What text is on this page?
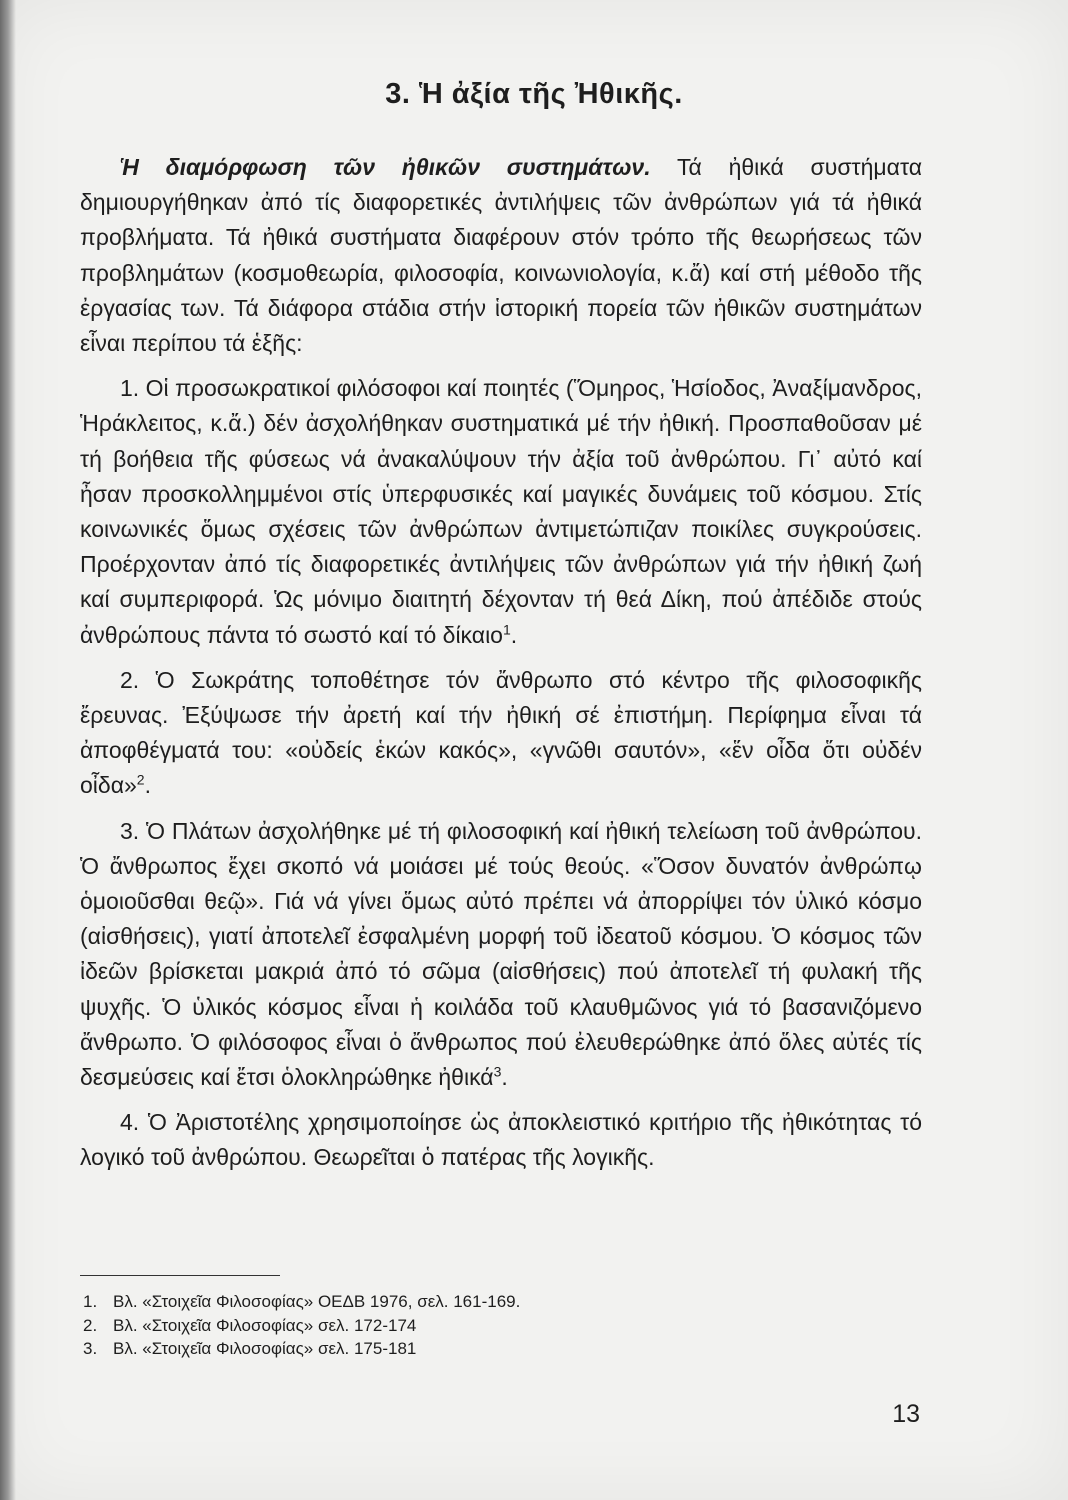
3. Ἡ ἀξία τῆς Ἠθικῆς.

Ἡ διαμόρφωση τῶν ἠθικῶν συστημάτων. Τά ἠθικά συστήματα δημιουργήθηκαν ἀπό τίς διαφορετικές ἀντιλήψεις τῶν ἀνθρώπων γιά τά ἠθικά προβλήματα. Τά ἠθικά συστήματα διαφέρουν στόν τρόπο τῆς θεωρήσεως τῶν προβλημάτων (κοσμοθεωρία, φιλοσοφία, κοινωνιολογία, κ.ἄ) καί στή μέθοδο τῆς ἐργασίας των. Τά διάφορα στάδια στήν ἱστορική πορεία τῶν ἠθικῶν συστημάτων εἶναι περίπου τά ἑξῆς:

1. Οἱ προσωκρατικοί φιλόσοφοι καί ποιητές (Ὅμηρος, Ἡσίοδος, Ἀναξίμανδρος, Ἡράκλειτος, κ.ἄ.) δέν ἀσχολήθηκαν συστηματικά μέ τήν ἠθική. Προσπαθοῦσαν μέ τή βοήθεια τῆς φύσεως νά ἀνακαλύψουν τήν ἀξία τοῦ ἀνθρώπου. Γι᾽ αὐτό καί ἦσαν προσκολλημμένοι στίς ὑπερφυσικές καί μαγικές δυνάμεις τοῦ κόσμου. Στίς κοινωνικές ὅμως σχέσεις τῶν ἀνθρώπων ἀντιμετώπιζαν ποικίλες συγκρούσεις. Προέρχονταν ἀπό τίς διαφορετικές ἀντιλήψεις τῶν ἀνθρώπων γιά τήν ἠθική ζωή καί συμπεριφορά. Ὡς μόνιμο διαιτητή δέχονταν τή θεά Δίκη, πού ἀπέδιδε στούς ἀνθρώπους πάντα τό σωστό καί τό δίκαιο$^1$.

2. Ὁ Σωκράτης τοποθέτησε τόν ἄνθρωπο στό κέντρο τῆς φιλοσοφικῆς ἔρευνας. Ἐξύψωσε τήν ἀρετή καί τήν ἠθική σέ ἐπιστήμη. Περίφημα εἶναι τά ἀποφθέγματά του: «οὐδείς ἑκών κακός», «γνῶθι σαυτόν», «ἕν οἶδα ὅτι οὐδέν οἶδα»$^2$.

3. Ὁ Πλάτων ἀσχολήθηκε μέ τή φιλοσοφική καί ἠθική τελείωση τοῦ ἀνθρώπου. Ὁ ἄνθρωπος ἔχει σκοπό νά μοιάσει μέ τούς θεούς. «Ὅσον δυνατόν ἀνθρώπῳ ὁμοιοῦσθαι θεῷ». Γιά νά γίνει ὅμως αὐτό πρέπει νά ἀπορρίψει τόν ὑλικό κόσμο (αἰσθήσεις), γιατί ἀποτελεῖ ἐσφαλμένη μορφή τοῦ ἰδεατοῦ κόσμου. Ὁ κόσμος τῶν ἰδεῶν βρίσκεται μακριά ἀπό τό σῶμα (αἰσθήσεις) πού ἀποτελεῖ τή φυλακή τῆς ψυχῆς. Ὁ ὑλικός κόσμος εἶναι ἡ κοιλάδα τοῦ κλαυθμῶνος γιά τό βασανιζόμενο ἄνθρωπο. Ὁ φιλόσοφος εἶναι ὁ ἄνθρωπος πού ἐλευθερώθηκε ἀπό ὅλες αὐτές τίς δεσμεύσεις καί ἔτσι ὁλοκληρώθηκε ἠθικά$^3$.

4. Ὁ Ἀριστοτέλης χρησιμοποίησε ὡς ἀποκλειστικό κριτήριο τῆς ἠθικότητας τό λογικό τοῦ ἀνθρώπου. Θεωρεῖται ὁ πατέρας τῆς λογικῆς.

1. Βλ. «Στοιχεῖα Φιλοσοφίας» ΟΕΔΒ 1976, σελ. 161-169.
2. Βλ. «Στοιχεῖα Φιλοσοφίας» σελ. 172-174
3. Βλ. «Στοιχεῖα Φιλοσοφίας» σελ. 175-181
13
